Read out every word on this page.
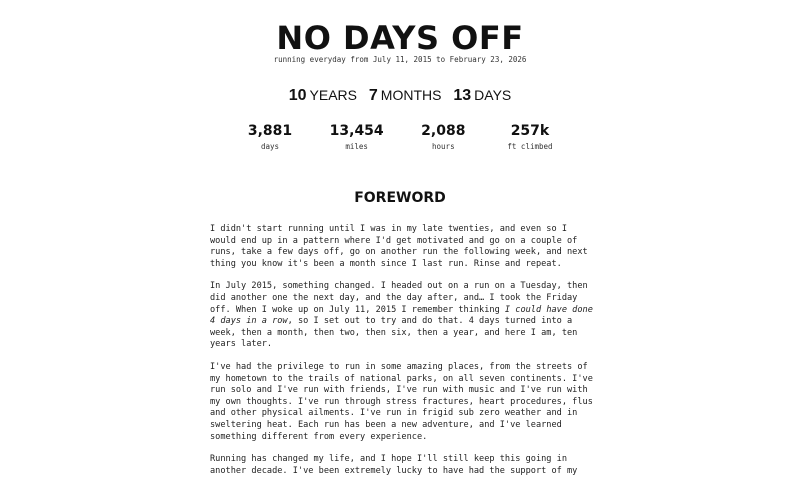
NO DAYS OFF
running everyday from July 11, 2015 to February 23, 2026
10 YEARS 7 MONTHS 13 DAYS
3,881
days
13,454
miles
2,088
hours
257k
ft climbed
FOREWORD

I didn't start running until I was in my late twenties, and even so I would end up in a pattern where I'd get motivated and go on a couple of runs, take a few days off, go on another run the following week, and next thing you know it's been a month since I last run. Rinse and repeat.

In July 2015, something changed. I headed out on a run on a Tuesday, then did another one the next day, and the day after, and… I took the Friday off. When I woke up on July 11, 2015 I remember thinking I could have done 4 days in a row, so I set out to try and do that. 4 days turned into a week, then a month, then two, then six, then a year, and here I am, ten years later.

I've had the privilege to run in some amazing places, from the streets of my hometown to the trails of national parks, on all seven continents. I've run solo and I've run with friends, I've run with music and I've run with my own thoughts. I've run through stress fractures, heart procedures, flus and other physical ailments. I've run in frigid sub zero weather and in sweltering heat. Each run has been a new adventure, and I've learned something different from every experience.

Running has changed my life, and I hope I'll still keep this going in another decade. I've been extremely lucky to have had the support of my
